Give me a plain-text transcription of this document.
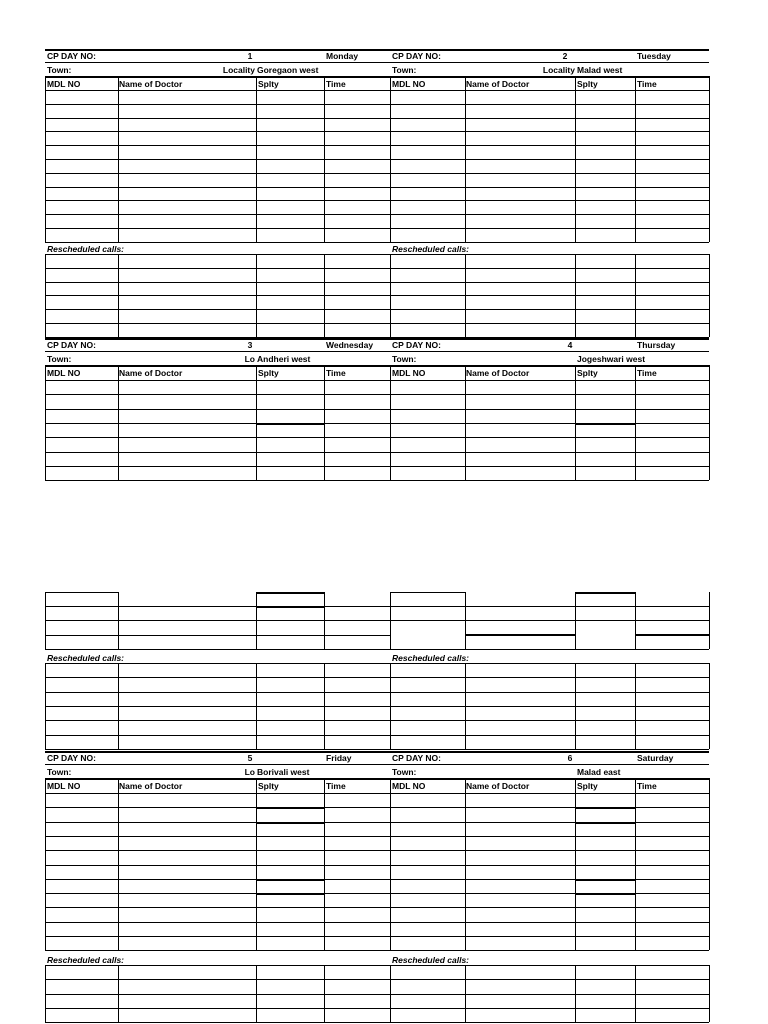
CP DAY NO:	1	Monday
Town:	Locality Goregaon west
MDL NO	Name of Doctor	Splty	Time
CP DAY NO:	2	Tuesday
Town:	Locality Malad west
MDL NO	Name of Doctor	Splty	Time
Rescheduled calls:	Rescheduled calls:
CP DAY NO:	3	Wednesday
Town:	Lo Andheri west
MDL NO	Name of Doctor	Splty	Time
CP DAY NO:	4	Thursday
Town:	Jogeshwari west
MDL NO	Name of Doctor	Splty	Time
Rescheduled calls:	Rescheduled calls:
CP DAY NO:	5	Friday
Town:	Lo Borivali west
MDL NO	Name of Doctor	Splty	Time
CP DAY NO:	6	Saturday
Town:	Malad east
MDL NO	Name of Doctor	Splty	Time
Rescheduled calls:	Rescheduled calls:
